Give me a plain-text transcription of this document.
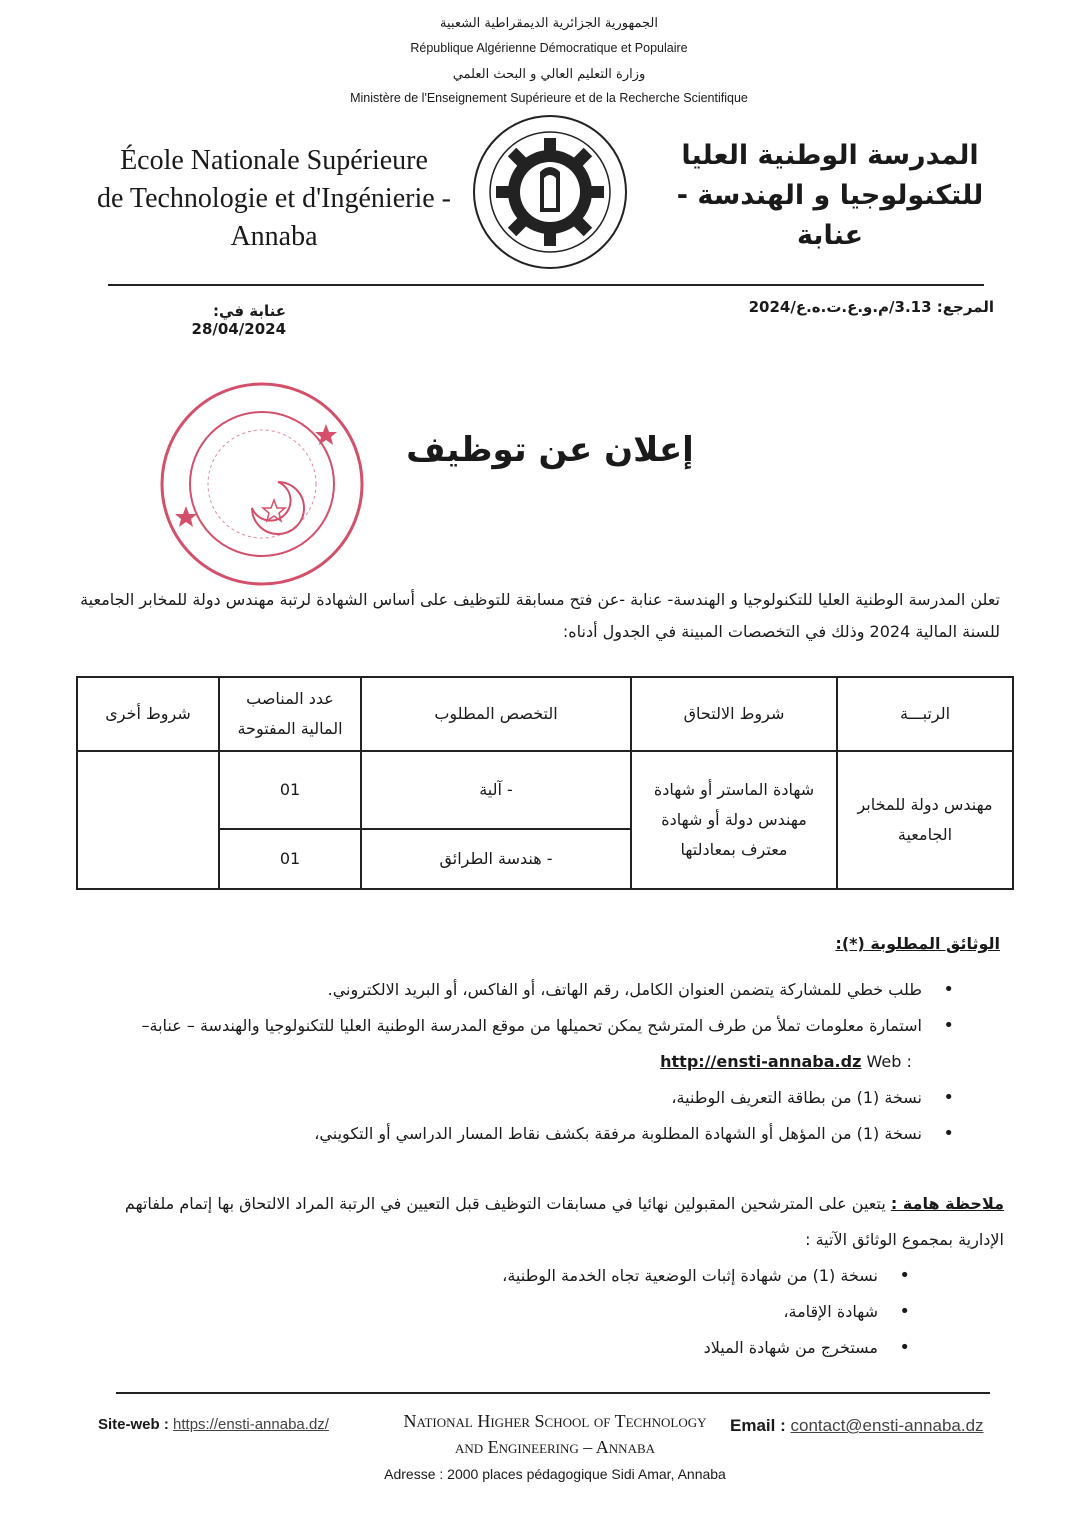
الجمهورية الجزائرية الديمقراطية الشعبية
République Algérienne Démocratique et Populaire
وزارة التعليم العالي و البحث العلمي
Ministère de l'Enseignement Supérieure et de la Recherche Scientifique
École Nationale Supérieure
de Technologie et d'Ingénierie - Annaba
المدرسة الوطنية العليا
للتكنولوجيا و الهندسة - عنابة
المرجع: 3.13/م.و.ع.ت.ه.ع/2024
عنابة في: 28/04/2024
إعلان عن توظيف
تعلن المدرسة الوطنية العليا للتكنولوجيا و الهندسة- عنابة -عن فتح مسابقة للتوظيف على أساس الشهادة لرتبة مهندس دولة للمخابر الجامعية للسنة المالية 2024 وذلك في التخصصات المبينة في الجدول أدناه:
الرتبـــة	شروط الالتحاق	التخصص المطلوب	عدد المناصب المالية المفتوحة	شروط أخرى
مهندس دولة للمخابر الجامعية	شهادة الماستر أو شهادة مهندس دولة أو شهادة معترف بمعادلتها	- آلية	01	
		- هندسة الطرائق	01	
الوثائق المطلوبة (*):
• طلب خطي للمشاركة يتضمن العنوان الكامل، رقم الهاتف، أو الفاكس، أو البريد الالكتروني.
• استمارة معلومات تملأ من طرف المترشح يمكن تحميلها من موقع المدرسة الوطنية العليا للتكنولوجيا والهندسة – عنابة–   Web : http://ensti-annaba.dz
• نسخة (1) من بطاقة التعريف الوطنية،
• نسخة (1) من المؤهل أو الشهادة المطلوبة مرفقة بكشف نقاط المسار الدراسي أو التكويني،
ملاحظة هامة : يتعين على المترشحين المقبولين نهائيا في مسابقات التوظيف قبل التعيين في الرتبة المراد الالتحاق بها إتمام ملفاتهم الإدارية بمجموع الوثائق الآتية :
• نسخة (1) من شهادة إثبات الوضعية تجاه الخدمة الوطنية،
• شهادة الإقامة،
• مستخرج من شهادة الميلاد
Site-web : https://ensti-annaba.dz/	National Higher School of Technology
and Engineering – Annaba
Email : contact@ensti-annaba.dz
Adresse : 2000 places pédagogique Sidi Amar, Annaba
